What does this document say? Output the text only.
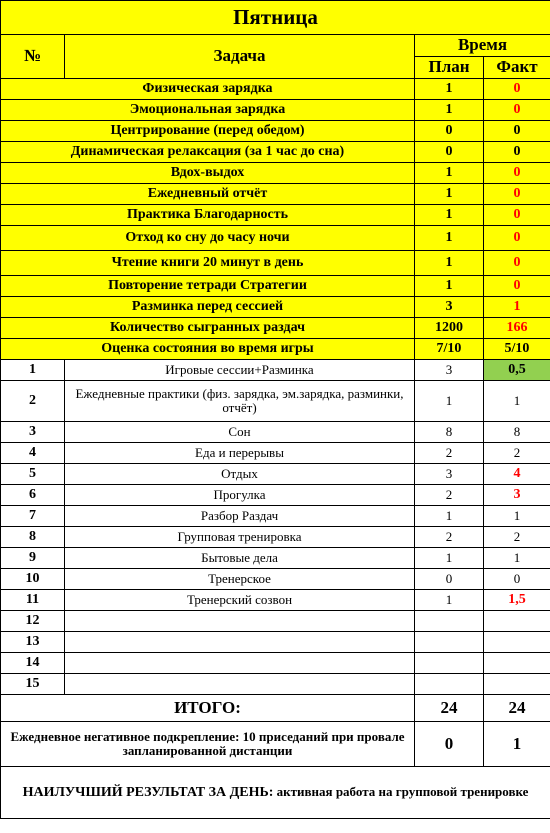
Пятница			
№	Задача	Время	
		План	Факт
Физическая зарядка		1	0
Эмоциональная зарядка		1	0
Центрирование (перед обедом)		0	0
Динамическая релаксация (за 1 час до сна)		0	0
Вдох-выдох		1	0
Ежедневный отчёт		1	0
Практика Благодарность		1	0
Отход ко сну до часу ночи		1	0
Чтение книги 20 минут в день		1	0
Повторение тетради Стратегии		1	0
Разминка перед сессией		3	1
Количество сыгранных раздач		1200	166
Оценка состояния во время игры		7/10	5/10
1	Игровые сессии+Разминка	3	0,5
2	Ежедневные практики (физ. зарядка, эм.зарядка, разминки, отчёт)	1	1
3	Сон	8	8
4	Еда и перерывы	2	2
5	Отдых	3	4
6	Прогулка	2	3
7	Разбор Раздач	1	1
8	Групповая тренировка	2	2
9	Бытовые дела	1	1
10	Тренерское	0	0
11	Тренерский созвон	1	1,5
12			
13			
14			
15			
ИТОГО:		24	24
Ежедневное негативное подкрепление: 10 приседаний при провале запланированной дистанции		0	1
НАИЛУЧШИЙ РЕЗУЛЬТАТ ЗА ДЕНЬ: активная работа на групповой тренировке			
